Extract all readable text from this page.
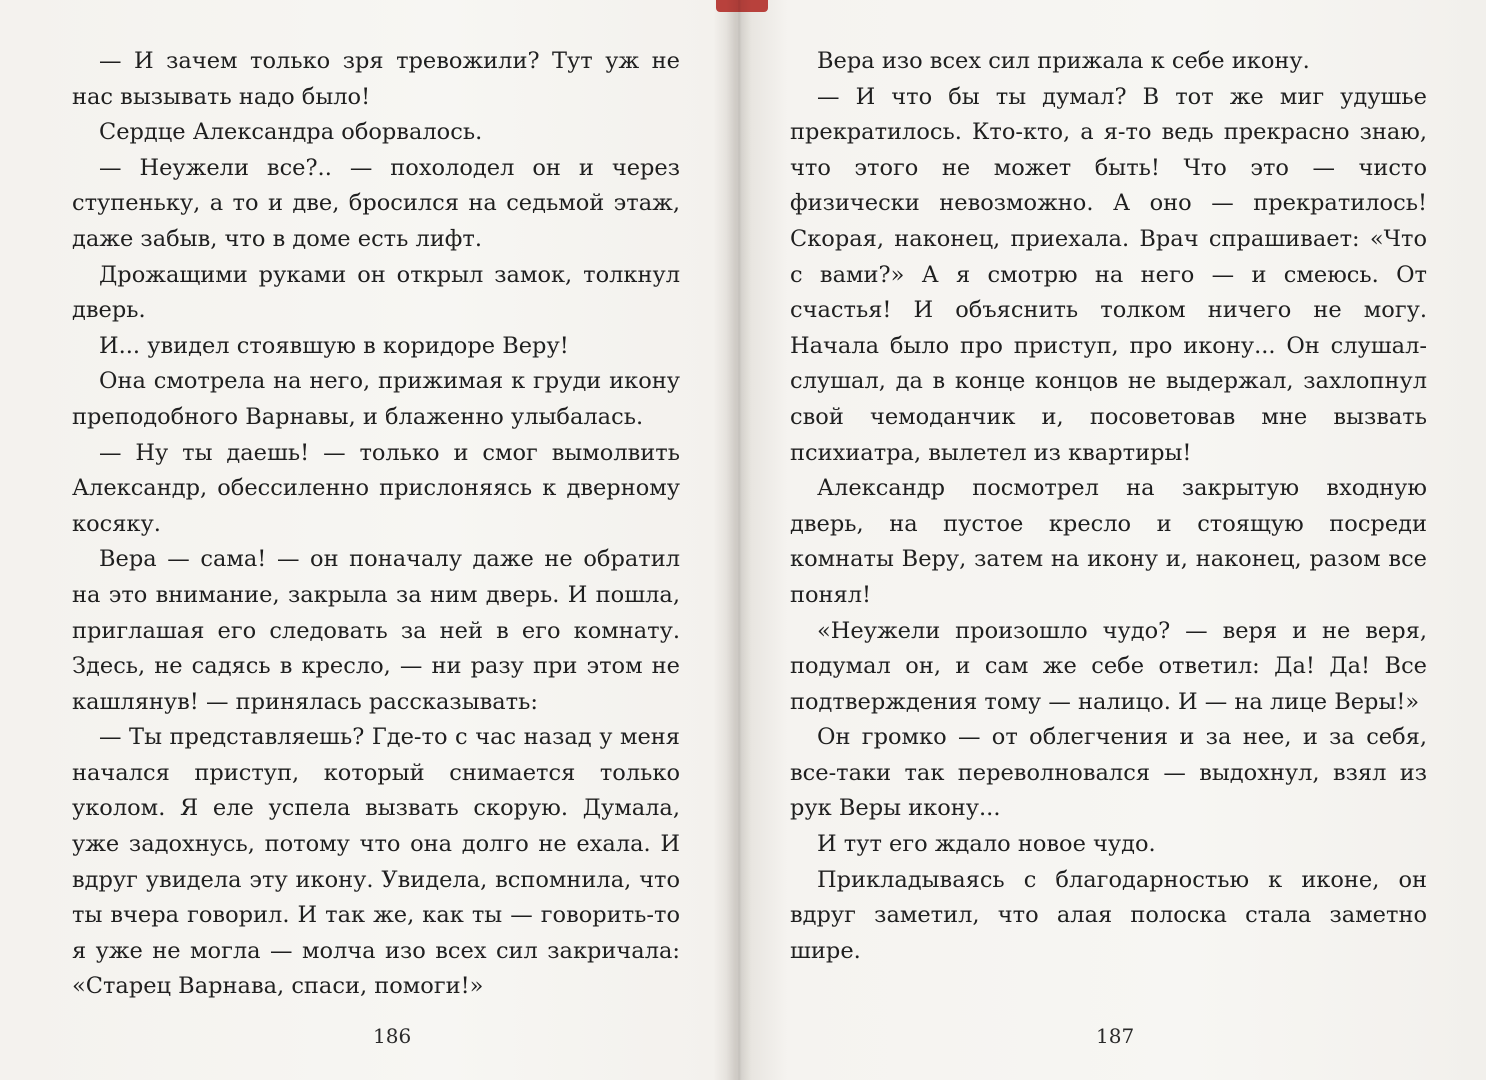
— И зачем только зря тревожили? Тут уж не нас вызывать надо было!

Сердце Александра оборвалось.

— Неужели все?.. — похолодел он и через ступеньку, а то и две, бросился на седьмой этаж, даже забыв, что в доме есть лифт.

Дрожащими руками он открыл замок, толкнул дверь.

И... увидел стоявшую в коридоре Веру!

Она смотрела на него, прижимая к груди икону преподобного Варнавы, и блаженно улыбалась.

— Ну ты даешь! — только и смог вымолвить Александр, обессиленно прислоняясь к дверному косяку.

Вера — сама! — он поначалу даже не обратил на это внимание, закрыла за ним дверь. И пошла, приглашая его следовать за ней в его комнату. Здесь, не садясь в кресло, — ни разу при этом не кашлянув! — принялась рассказывать:

— Ты представляешь? Где-то с час назад у меня начался приступ, который снимается только уколом. Я еле успела вызвать скорую. Думала, уже задохнусь, потому что она долго не ехала. И вдруг увидела эту икону. Увидела, вспомнила, что ты вчера говорил. И так же, как ты — говорить-то я уже не могла — молча изо всех сил закричала: «Старец Варнава, спаси, помоги!»

186

Вера изо всех сил прижала к себе икону.

— И что бы ты думал? В тот же миг удушье прекратилось. Кто-кто, а я-то ведь прекрасно знаю, что этого не может быть! Что это — чисто физически невозможно. А оно — прекратилось! Скорая, наконец, приехала. Врач спрашивает: «Что с вами?» А я смотрю на него — и смеюсь. От счастья! И объяснить толком ничего не могу. Начала было про приступ, про икону... Он слушал-слушал, да в конце концов не выдержал, захлопнул свой чемоданчик и, посоветовав мне вызвать психиатра, вылетел из квартиры!

Александр посмотрел на закрытую входную дверь, на пустое кресло и стоящую посреди комнаты Веру, затем на икону и, наконец, разом все понял!

«Неужели произошло чудо? — веря и не веря, подумал он, и сам же себе ответил: Да! Да! Все подтверждения тому — налицо. И — на лице Веры!»

Он громко — от облегчения и за нее, и за себя, все-таки так переволновался — выдохнул, взял из рук Веры икону...

И тут его ждало новое чудо.

Прикладываясь с благодарностью к иконе, он вдруг заметил, что алая полоска стала заметно шире.

187
